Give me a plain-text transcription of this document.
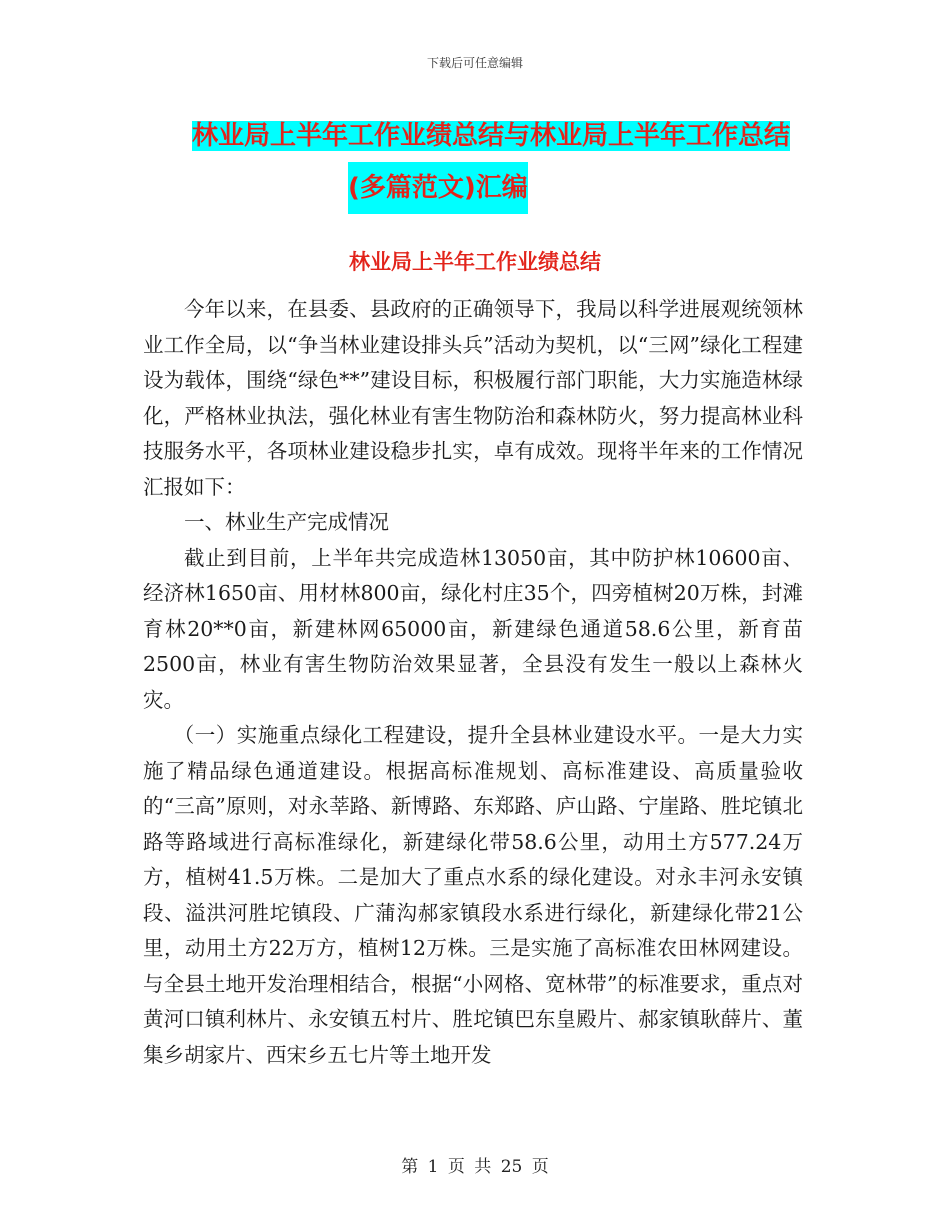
下载后可任意编辑
林业局上半年工作业绩总结与林业局上半年工作总结
(多篇范文)汇编
林业局上半年工作业绩总结

今年以来，在县委、县政府的正确领导下，我局以科学进展观统领林业工作全局，以“争当林业建设排头兵”活动为契机，以“三网”绿化工程建设为载体，围绕“绿色**”建设目标，积极履行部门职能，大力实施造林绿化，严格林业执法，强化林业有害生物防治和森林防火，努力提高林业科技服务水平，各项林业建设稳步扎实，卓有成效。现将半年来的工作情况汇报如下：

一、林业生产完成情况

截止到目前，上半年共完成造林13050亩，其中防护林10600亩、经济林1650亩、用材林800亩，绿化村庄35个，四旁植树20万株，封滩育林20**0亩，新建林网65000亩，新建绿色通道58.6公里，新育苗2500亩，林业有害生物防治效果显著，全县没有发生一般以上森林火灾。

（一）实施重点绿化工程建设，提升全县林业建设水平。一是大力实施了精品绿色通道建设。根据高标准规划、高标准建设、高质量验收的“三高”原则，对永莘路、新博路、东郑路、庐山路、宁崖路、胜坨镇北路等路域进行高标准绿化，新建绿化带58.6公里，动用土方577.24万方，植树41.5万株。二是加大了重点水系的绿化建设。对永丰河永安镇段、溢洪河胜坨镇段、广蒲沟郝家镇段水系进行绿化，新建绿化带21公里，动用土方22万方，植树12万株。三是实施了高标准农田林网建设。与全县土地开发治理相结合，根据“小网格、宽林带”的标准要求，重点对黄河口镇利林片、永安镇五村片、胜坨镇巴东皇殿片、郝家镇耿薛片、董集乡胡家片、西宋乡五七片等土地开发

第 1 页 共 25 页
